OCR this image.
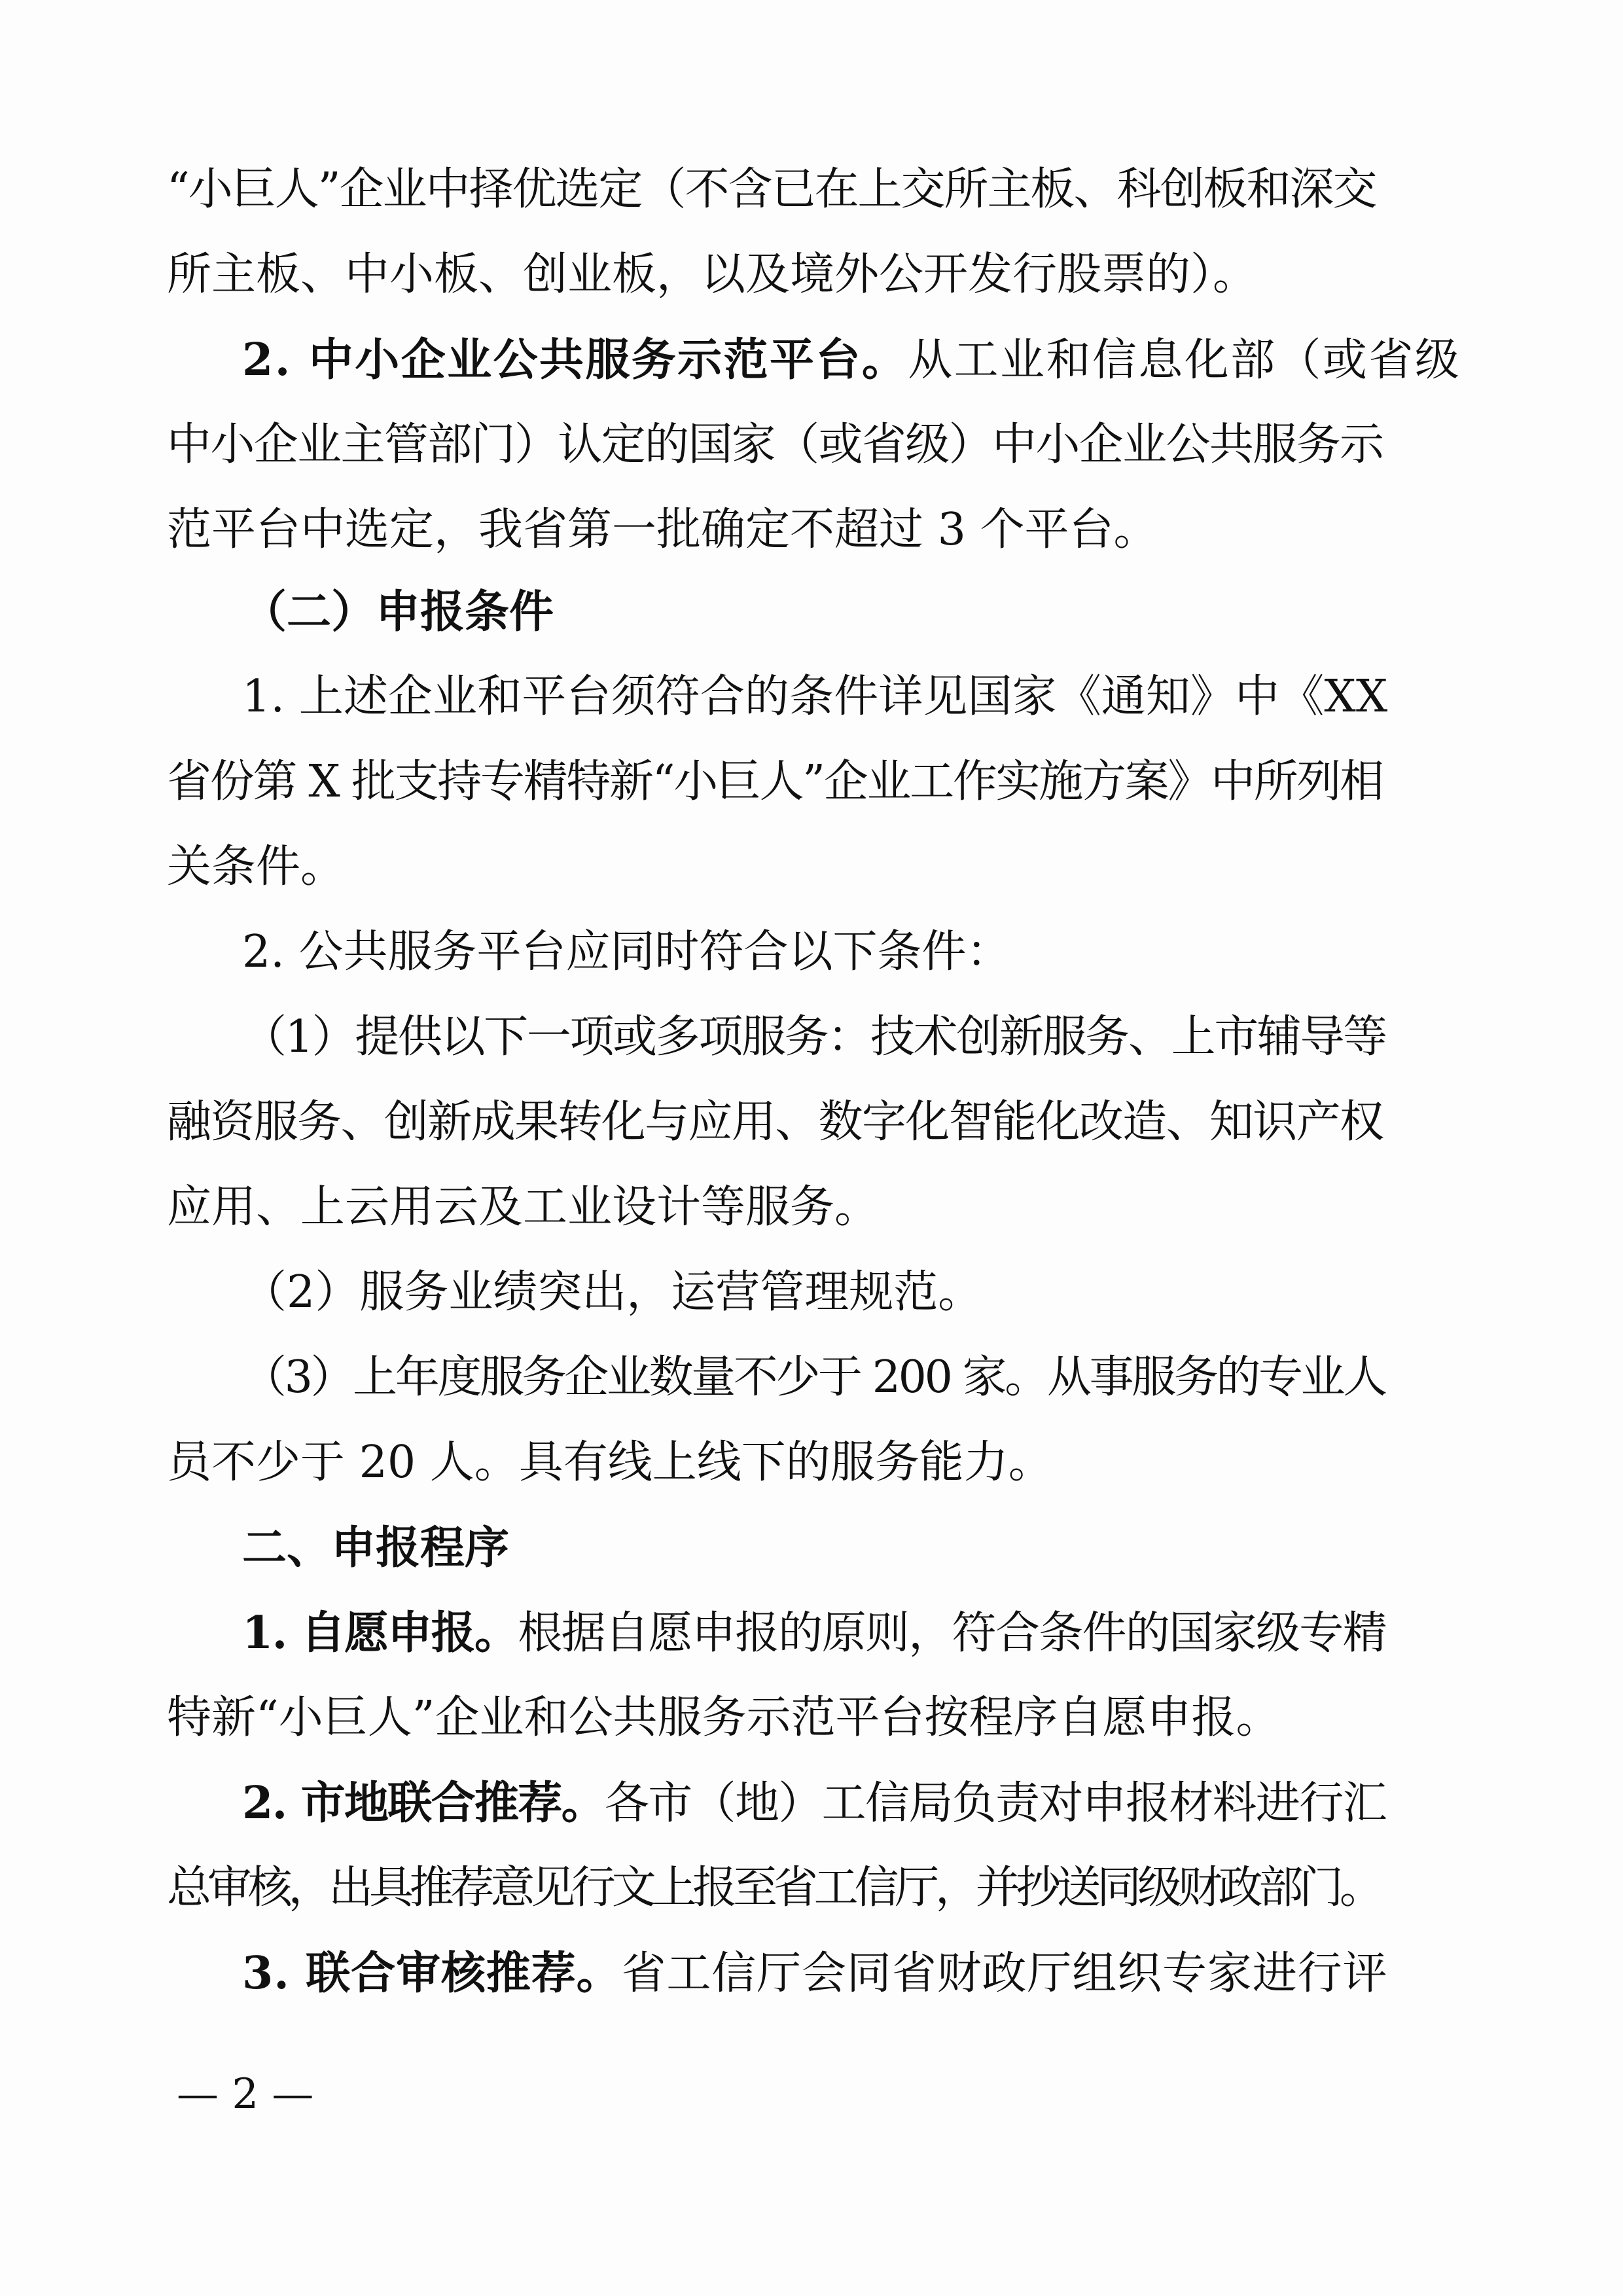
“小巨人”企业中择优选定（不含已在上交所主板、科创板和深交
所主板、中小板、创业板，以及境外公开发行股票的）。
2. 中小企业公共服务示范平台。从工业和信息化部（或省级
中小企业主管部门）认定的国家（或省级）中小企业公共服务示
范平台中选定，我省第一批确定不超过 3 个平台。
（二）申报条件
1. 上述企业和平台须符合的条件详见国家《通知》中《XX
省份第 X 批支持专精特新“小巨人”企业工作实施方案》中所列相
关条件。
2. 公共服务平台应同时符合以下条件：
（1）提供以下一项或多项服务：技术创新服务、上市辅导等
融资服务、创新成果转化与应用、数字化智能化改造、知识产权
应用、上云用云及工业设计等服务。
（2）服务业绩突出，运营管理规范。
（3）上年度服务企业数量不少于 200 家。从事服务的专业人
员不少于 20 人。具有线上线下的服务能力。
二、申报程序
1. 自愿申报。根据自愿申报的原则，符合条件的国家级专精
特新“小巨人”企业和公共服务示范平台按程序自愿申报。
2. 市地联合推荐。各市（地）工信局负责对申报材料进行汇
总审核，出具推荐意见行文上报至省工信厅，并抄送同级财政部门。
3. 联合审核推荐。省工信厅会同省财政厅组织专家进行评
— 2 —
